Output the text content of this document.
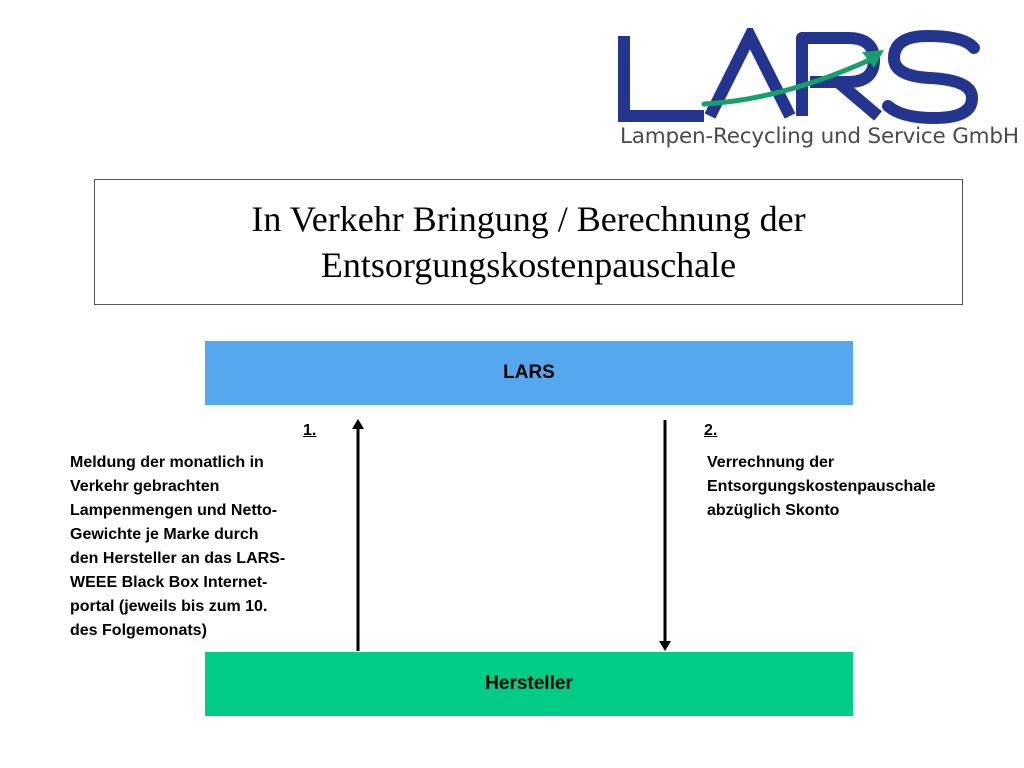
Lampen-Recycling und Service GmbH
In Verkehr Bringung / Berechnung der
Entsorgungskostenpauschale
LARS
1.
Meldung der monatlich in
Verkehr gebrachten
Lampenmengen und Netto-
Gewichte je Marke durch
den Hersteller an das LARS-
WEEE Black Box Internet-
portal (jeweils bis zum 10.
des Folgemonats)
2.
Verrechnung der
Entsorgungskostenpauschale
abzüglich Skonto
Hersteller
